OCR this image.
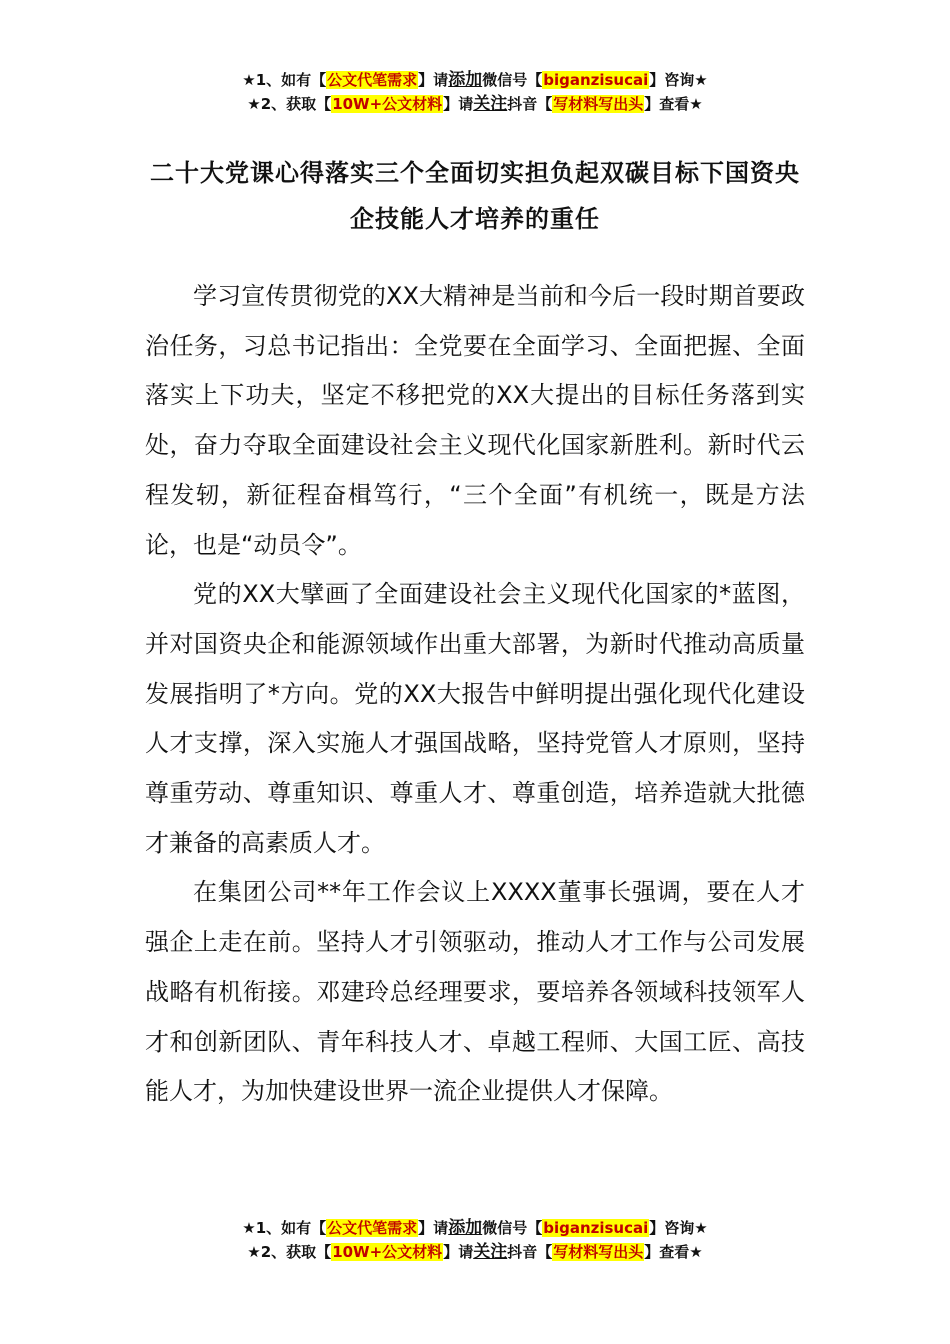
★1、如有【公文代笔需求】请添加微信号【biganzisucai】咨询★
★2、获取【10W+公文材料】请关注抖音【写材料写出头】查看★
二十大党课心得落实三个全面切实担负起双碳目标下国资央企技能人才培养的重任

学习宣传贯彻党的XX大精神是当前和今后一段时期首要政治任务，习总书记指出：全党要在全面学习、全面把握、全面落实上下功夫，坚定不移把党的XX大提出的目标任务落到实处，奋力夺取全面建设社会主义现代化国家新胜利。新时代云程发轫，新征程奋楫笃行，“三个全面”有机统一，既是方法论，也是“动员令”。

党的XX大擘画了全面建设社会主义现代化国家的*蓝图，并对国资央企和能源领域作出重大部署，为新时代推动高质量发展指明了*方向。党的XX大报告中鲜明提出强化现代化建设人才支撑，深入实施人才强国战略，坚持党管人才原则，坚持尊重劳动、尊重知识、尊重人才、尊重创造，培养造就大批德才兼备的高素质人才。

在集团公司**年工作会议上XXXX董事长强调，要在人才强企上走在前。坚持人才引领驱动，推动人才工作与公司发展战略有机衔接。邓建玲总经理要求，要培养各领域科技领军人才和创新团队、青年科技人才、卓越工程师、大国工匠、高技能人才，为加快建设世界一流企业提供人才保障。

★1、如有【公文代笔需求】请添加微信号【biganzisucai】咨询★
★2、获取【10W+公文材料】请关注抖音【写材料写出头】查看★
